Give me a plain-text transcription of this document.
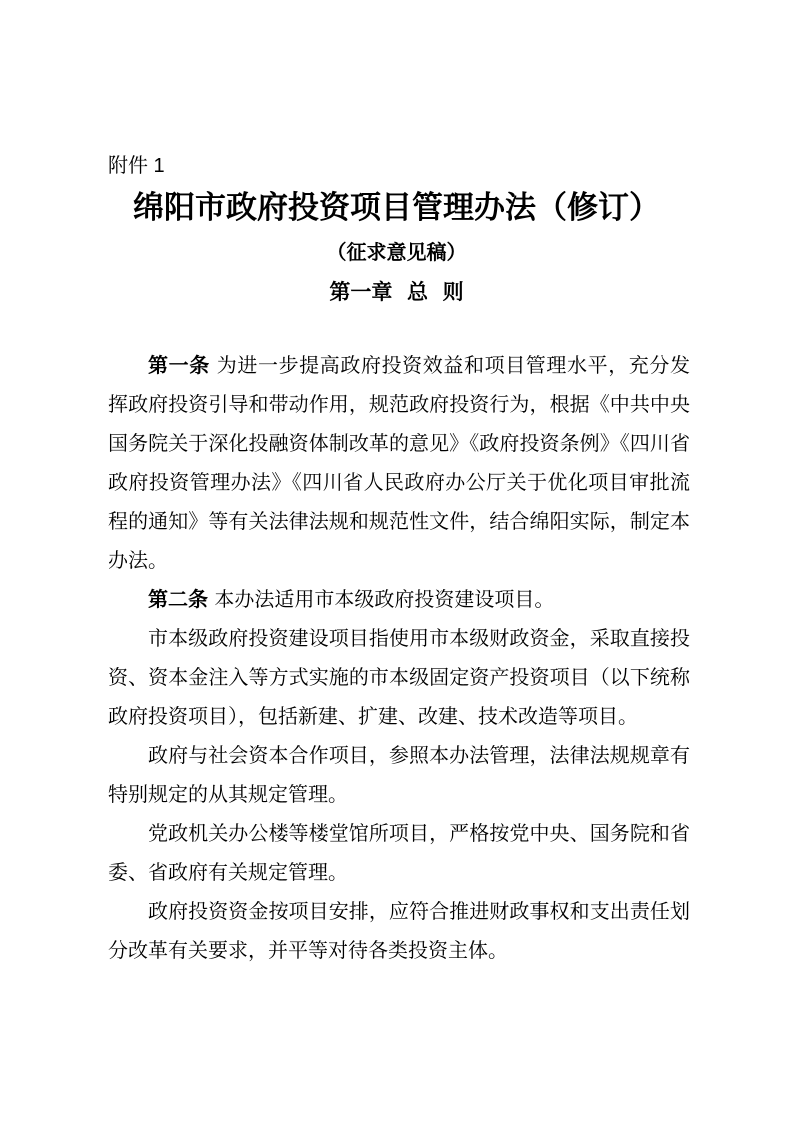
附件 1
绵阳市政府投资项目管理办法（修订）
（征求意见稿）
第一章  总  则

第一条 为进一步提高政府投资效益和项目管理水平，充分发挥政府投资引导和带动作用，规范政府投资行为，根据《中共中央国务院关于深化投融资体制改革的意见》《政府投资条例》《四川省政府投资管理办法》《四川省人民政府办公厅关于优化项目审批流程的通知》等有关法律法规和规范性文件，结合绵阳实际，制定本办法。

第二条 本办法适用市本级政府投资建设项目。

市本级政府投资建设项目指使用市本级财政资金，采取直接投资、资本金注入等方式实施的市本级固定资产投资项目（以下统称政府投资项目），包括新建、扩建、改建、技术改造等项目。

政府与社会资本合作项目，参照本办法管理，法律法规规章有特别规定的从其规定管理。

党政机关办公楼等楼堂馆所项目，严格按党中央、国务院和省委、省政府有关规定管理。

政府投资资金按项目安排，应符合推进财政事权和支出责任划分改革有关要求，并平等对待各类投资主体。
